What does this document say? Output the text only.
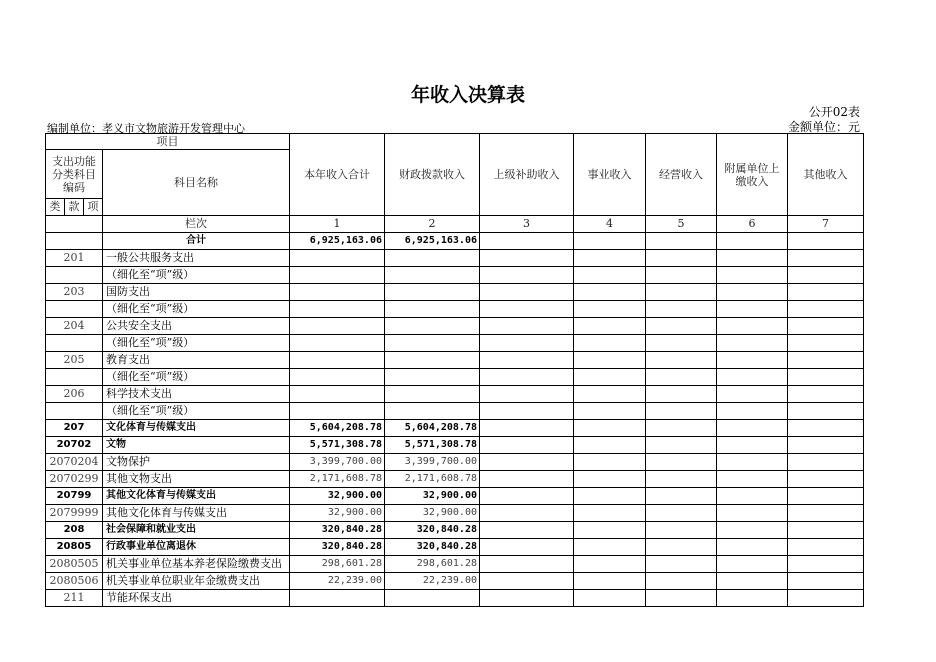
年收入决算表
公开02表
编制单位：孝义市文物旅游开发管理中心	金额单位：元
项目				本年收入合计	财政拨款收入	上级补助收入	事业收入	经营收入	附属单位上缴收入	其他收入
支出功能分类科目编码			科目名称							
类	款	项								
			栏次	1	2	3	4	5	6	7
			合计	6,925,163.06	6,925,163.06					
201			一般公共服务支出							
			（细化至“项”级）							
203			国防支出							
			（细化至“项”级）							
204			公共安全支出							
			（细化至“项”级）							
205			教育支出							
			（细化至“项”级）							
206			科学技术支出							
			（细化至“项”级）							
207			文化体育与传媒支出	5,604,208.78	5,604,208.78					
20702			文物	5,571,308.78	5,571,308.78					
2070204			文物保护	3,399,700.00	3,399,700.00					
2070299			其他文物支出	2,171,608.78	2,171,608.78					
20799			其他文化体育与传媒支出	32,900.00	32,900.00					
2079999			其他文化体育与传媒支出	32,900.00	32,900.00					
208			社会保障和就业支出	320,840.28	320,840.28					
20805			行政事业单位离退休	320,840.28	320,840.28					
2080505			机关事业单位基本养老保险缴费支出	298,601.28	298,601.28					
2080506			机关事业单位职业年金缴费支出	22,239.00	22,239.00					
211			节能环保支出							
